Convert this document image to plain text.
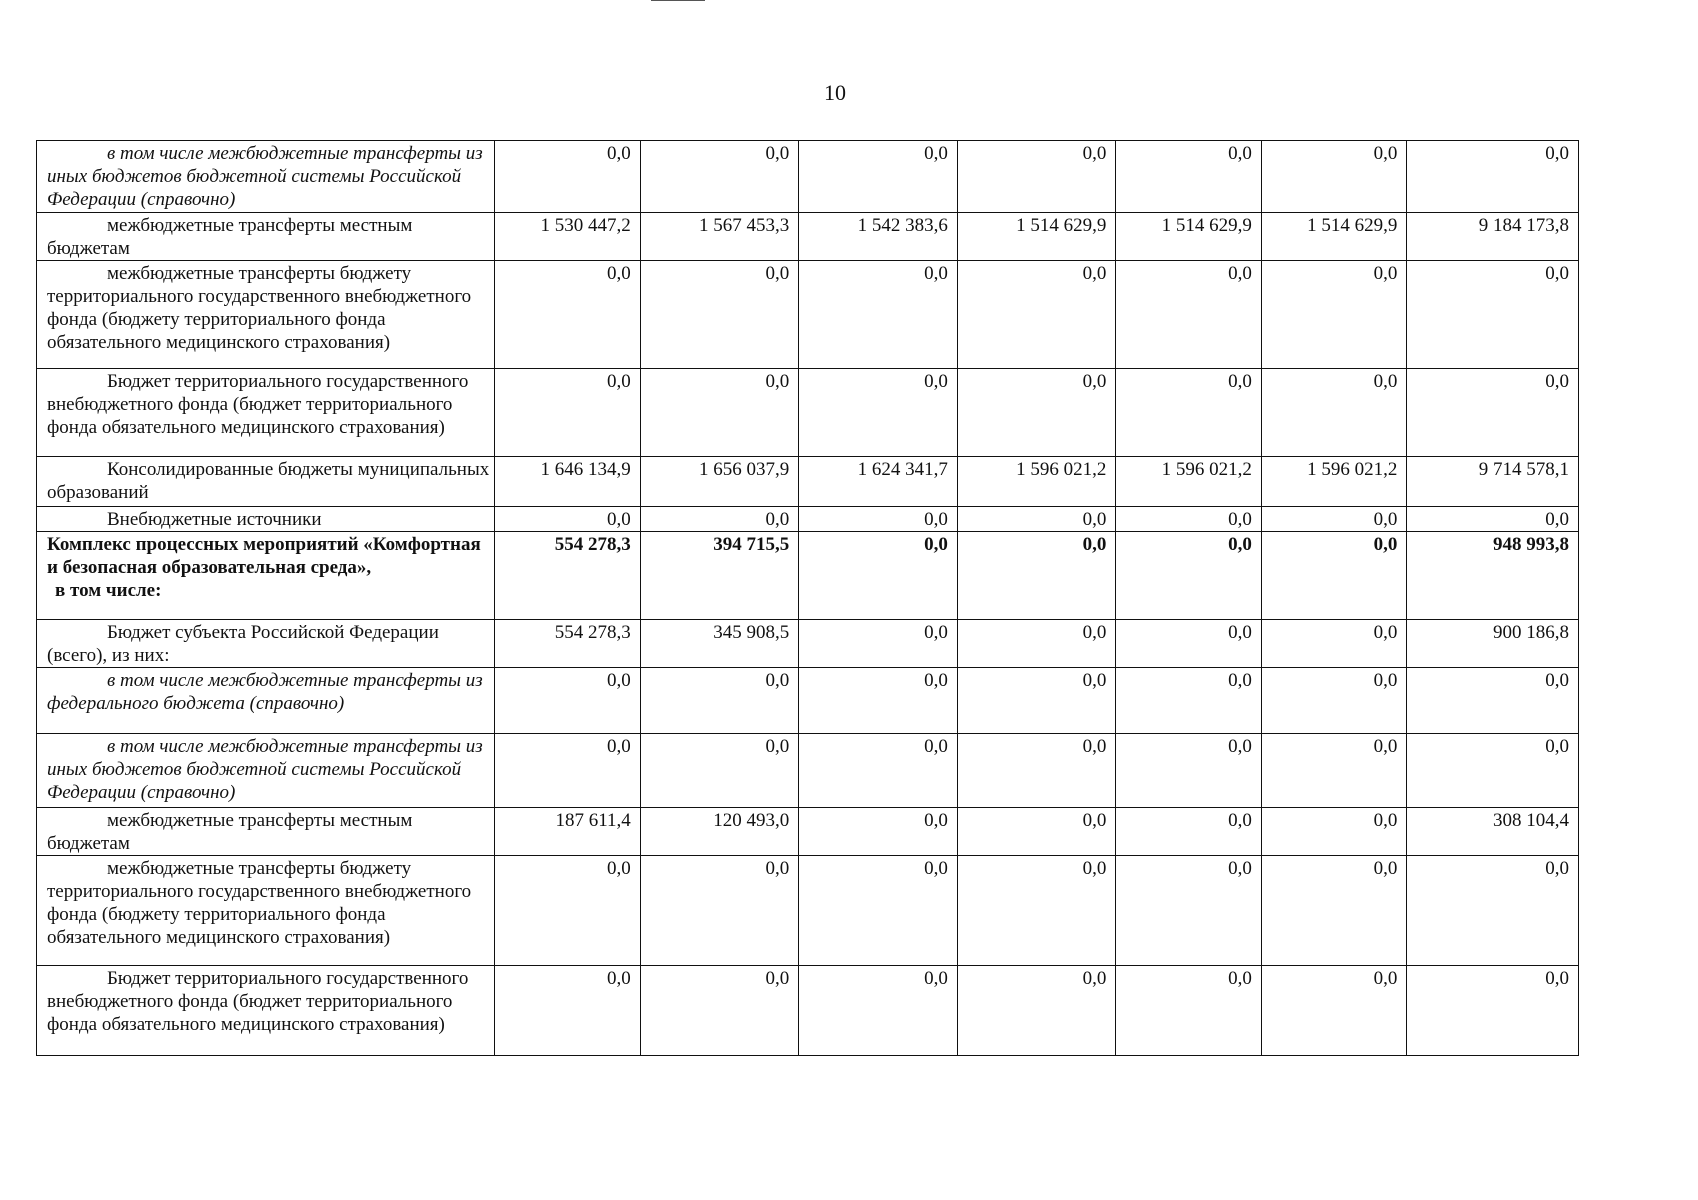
10
в том числе межбюджетные трансферты из иных бюджетов бюджетной системы Российской Федерации (справочно)	0,0	0,0	0,0	0,0	0,0	0,0	0,0

межбюджетные трансферты местным бюджетам	1 530 447,2	1 567 453,3	1 542 383,6	1 514 629,9	1 514 629,9	1 514 629,9	9 184 173,8

межбюджетные трансферты бюджету территориального государственного внебюджетного фонда (бюджету территориального фонда обязательного медицинского страхования)	0,0	0,0	0,0	0,0	0,0	0,0	0,0

Бюджет территориального государственного внебюджетного фонда (бюджет территориального фонда обязательного медицинского страхования)	0,0	0,0	0,0	0,0	0,0	0,0	0,0

Консолидированные бюджеты муниципальных образований	1 646 134,9	1 656 037,9	1 624 341,7	1 596 021,2	1 596 021,2	1 596 021,2	9 714 578,1

Внебюджетные источники	0,0	0,0	0,0	0,0	0,0	0,0	0,0

Комплекс процессных мероприятий «Комфортная и безопасная образовательная среда»,
в том числе:	554 278,3	394 715,5	0,0	0,0	0,0	0,0	948 993,8

Бюджет субъекта Российской Федерации (всего), из них:	554 278,3	345 908,5	0,0	0,0	0,0	0,0	900 186,8

в том числе межбюджетные трансферты из федерального бюджета (справочно)	0,0	0,0	0,0	0,0	0,0	0,0	0,0

в том числе межбюджетные трансферты из иных бюджетов бюджетной системы Российской Федерации (справочно)	0,0	0,0	0,0	0,0	0,0	0,0	0,0

межбюджетные трансферты местным бюджетам	187 611,4	120 493,0	0,0	0,0	0,0	0,0	308 104,4

межбюджетные трансферты бюджету территориального государственного внебюджетного фонда (бюджету территориального фонда обязательного медицинского страхования)	0,0	0,0	0,0	0,0	0,0	0,0	0,0

Бюджет территориального государственного внебюджетного фонда (бюджет территориального фонда обязательного медицинского страхования)	0,0	0,0	0,0	0,0	0,0	0,0	0,0
